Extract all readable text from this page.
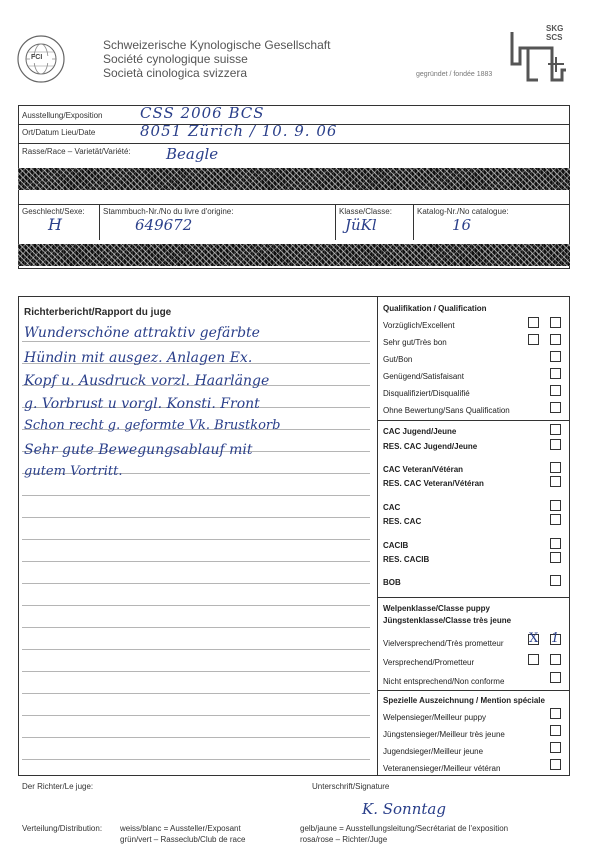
FCI
Schweizerische Kynologische Gesellschaft
Société cynologique suisse
Società cinologica svizzera	gegründet / fondée 1883
SKG
SCS
Ausstellung/Exposition	CSS 2006 BCS
Ort/Datum Lieu/Date	8051 Zürich / 10. 9. 06
Rasse/Race – Varietät/Variété: Beagle
Geschlecht/Sexe:
H
Stammbuch-Nr./No du livre d'origine:
649672
Klasse/Classe:
JüKl
Katalog-Nr./No catalogue:
16
Richterbericht/Rapport du juge
Wunderschöne attraktiv gefärbte
Hündin mit ausgez. Anlagen Ex.
Kopf u. Ausdruck vorzl. Haarlänge
g. Vorbrust u vorgl. Konsti. Front
Schon recht g. geformte Vk. Brustkorb
Sehr gute Bewegungsablauf mit
gutem Vortritt.
Qualifikation / Qualification
Vorzüglich/Excellent
Sehr gut/Très bon
Gut/Bon
Genügend/Satisfaisant
Disqualifiziert/Disqualifié
Ohne Bewertung/Sans Qualification
CAC Jugend/Jeune
RES. CAC Jugend/Jeune
CAC Veteran/Vétéran
RES. CAC Veteran/Vétéran
CAC
RES. CAC
CACIB
RES. CACIB
BOB
Welpenklasse/Classe puppy
Jüngstenklasse/Classe très jeune
Vielversprechend/Très prometteur X 1
Versprechend/Prometteur
Nicht entsprechend/Non conforme
Spezielle Auszeichnung / Mention spéciale
Welpensieger/Meilleur puppy
Jüngstensieger/Meilleur très jeune
Jugendsieger/Meilleur jeune
Veteranensieger/Meilleur vétéran
Der Richter/Le juge:	Unterschrift/Signature
K. Sonntag
Verteilung/Distribution: weiss/blanc = Aussteller/Exposant	gelb/jaune = Ausstellungsleitung/Secrétariat de l'exposition
grün/vert – Rasseclub/Club de race	rosa/rose – Richter/Juge
